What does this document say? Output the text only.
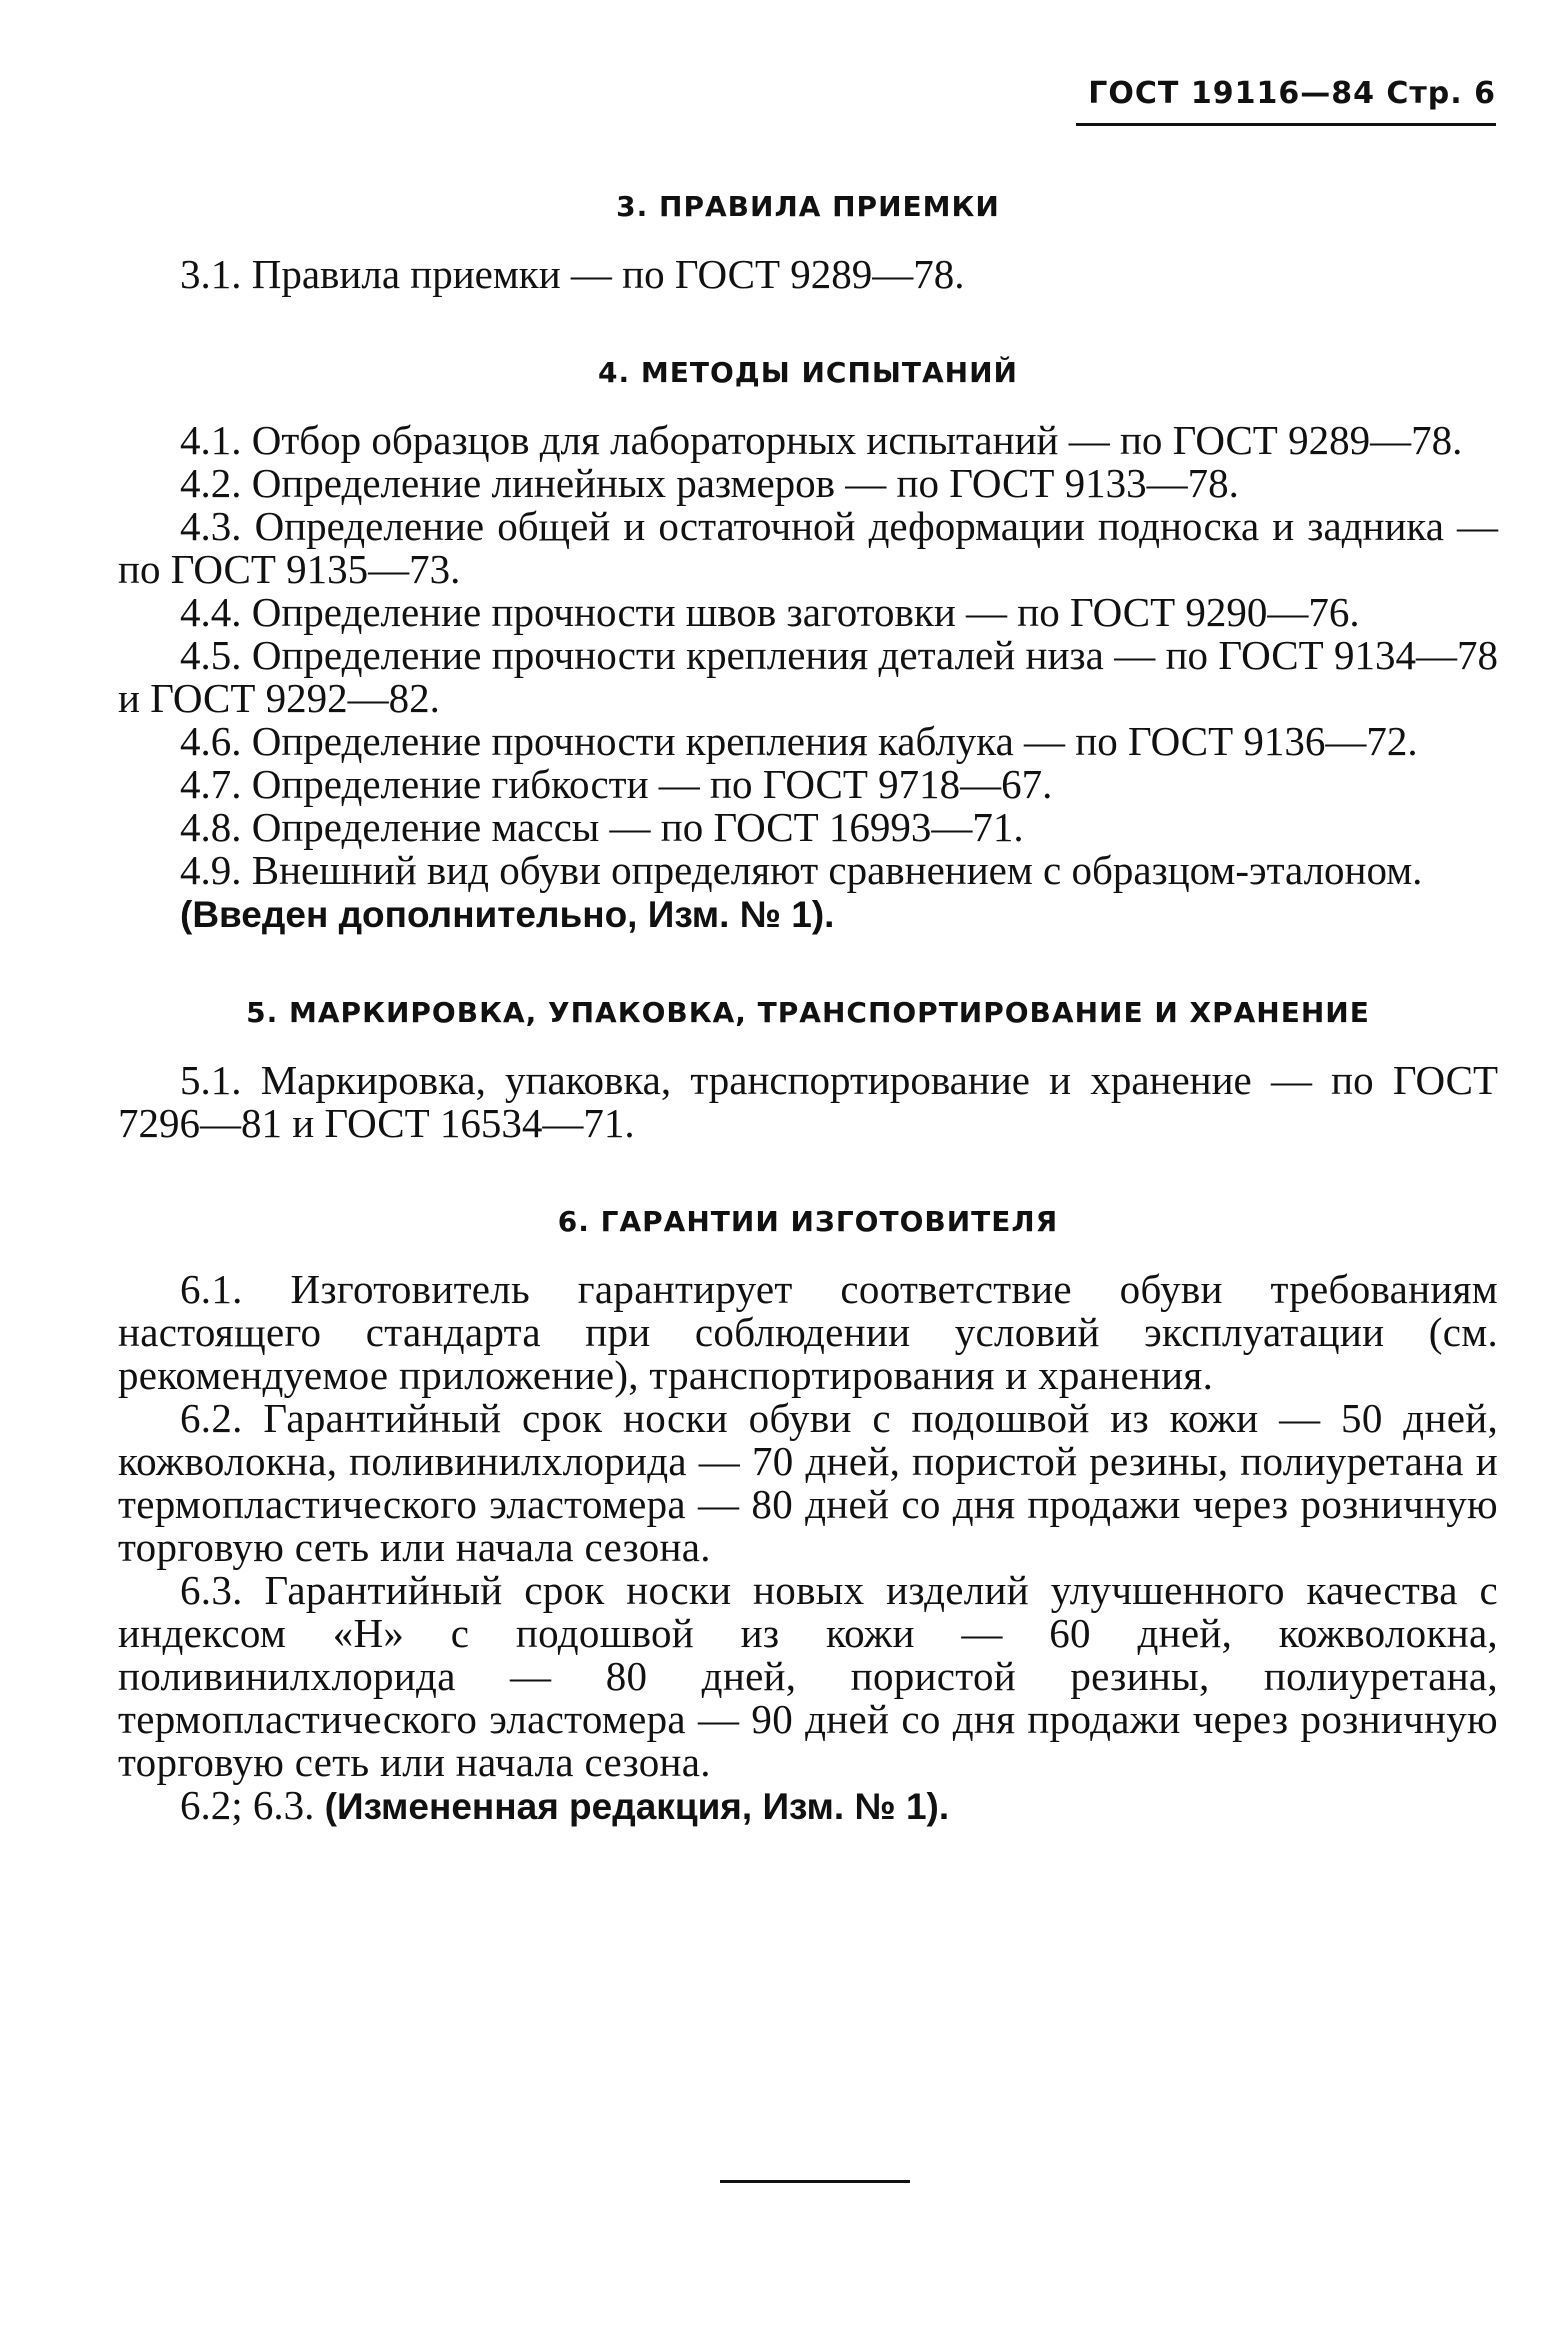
ГОСТ 19116—84 Стр. 6
3. ПРАВИЛА ПРИЕМКИ

3.1. Правила приемки — по ГОСТ 9289—78.

4. МЕТОДЫ ИСПЫТАНИЙ

4.1. Отбор образцов для лабораторных испытаний — по ГОСТ 9289—78.

4.2. Определение линейных размеров — по ГОСТ 9133—78.

4.3. Определение общей и остаточной деформации подноска и задника — по ГОСТ 9135—73.

4.4. Определение прочности швов заготовки — по ГОСТ 9290—76.

4.5. Определение прочности крепления деталей низа — по ГОСТ 9134—78 и ГОСТ 9292—82.

4.6. Определение прочности крепления каблука — по ГОСТ 9136—72.

4.7. Определение гибкости — по ГОСТ 9718—67.

4.8. Определение массы — по ГОСТ 16993—71.

4.9. Внешний вид обуви определяют сравнением с образцом-эталоном.

(Введен дополнительно, Изм. № 1).

5. МАРКИРОВКА, УПАКОВКА, ТРАНСПОРТИРОВАНИЕ И ХРАНЕНИЕ

5.1. Маркировка, упаковка, транспортирование и хранение — по ГОСТ 7296—81 и ГОСТ 16534—71.

6. ГАРАНТИИ ИЗГОТОВИТЕЛЯ

6.1. Изготовитель гарантирует соответствие обуви требованиям настоящего стандарта при соблюдении условий эксплуатации (см. рекомендуемое приложение), транспортирования и хранения.

6.2. Гарантийный срок носки обуви с подошвой из кожи — 50 дней, кожволокна, поливинилхлорида — 70 дней, пористой резины, полиуретана и термопластического эластомера — 80 дней со дня продажи через розничную торговую сеть или начала сезона.

6.3. Гарантийный срок носки новых изделий улучшенного качества с индексом «Н» с подошвой из кожи — 60 дней, кожволокна, поливинилхлорида — 80 дней, пористой резины, полиуретана, термопластического эластомера — 90 дней со дня продажи через розничную торговую сеть или начала сезона.

6.2; 6.3. (Измененная редакция, Изм. № 1).
